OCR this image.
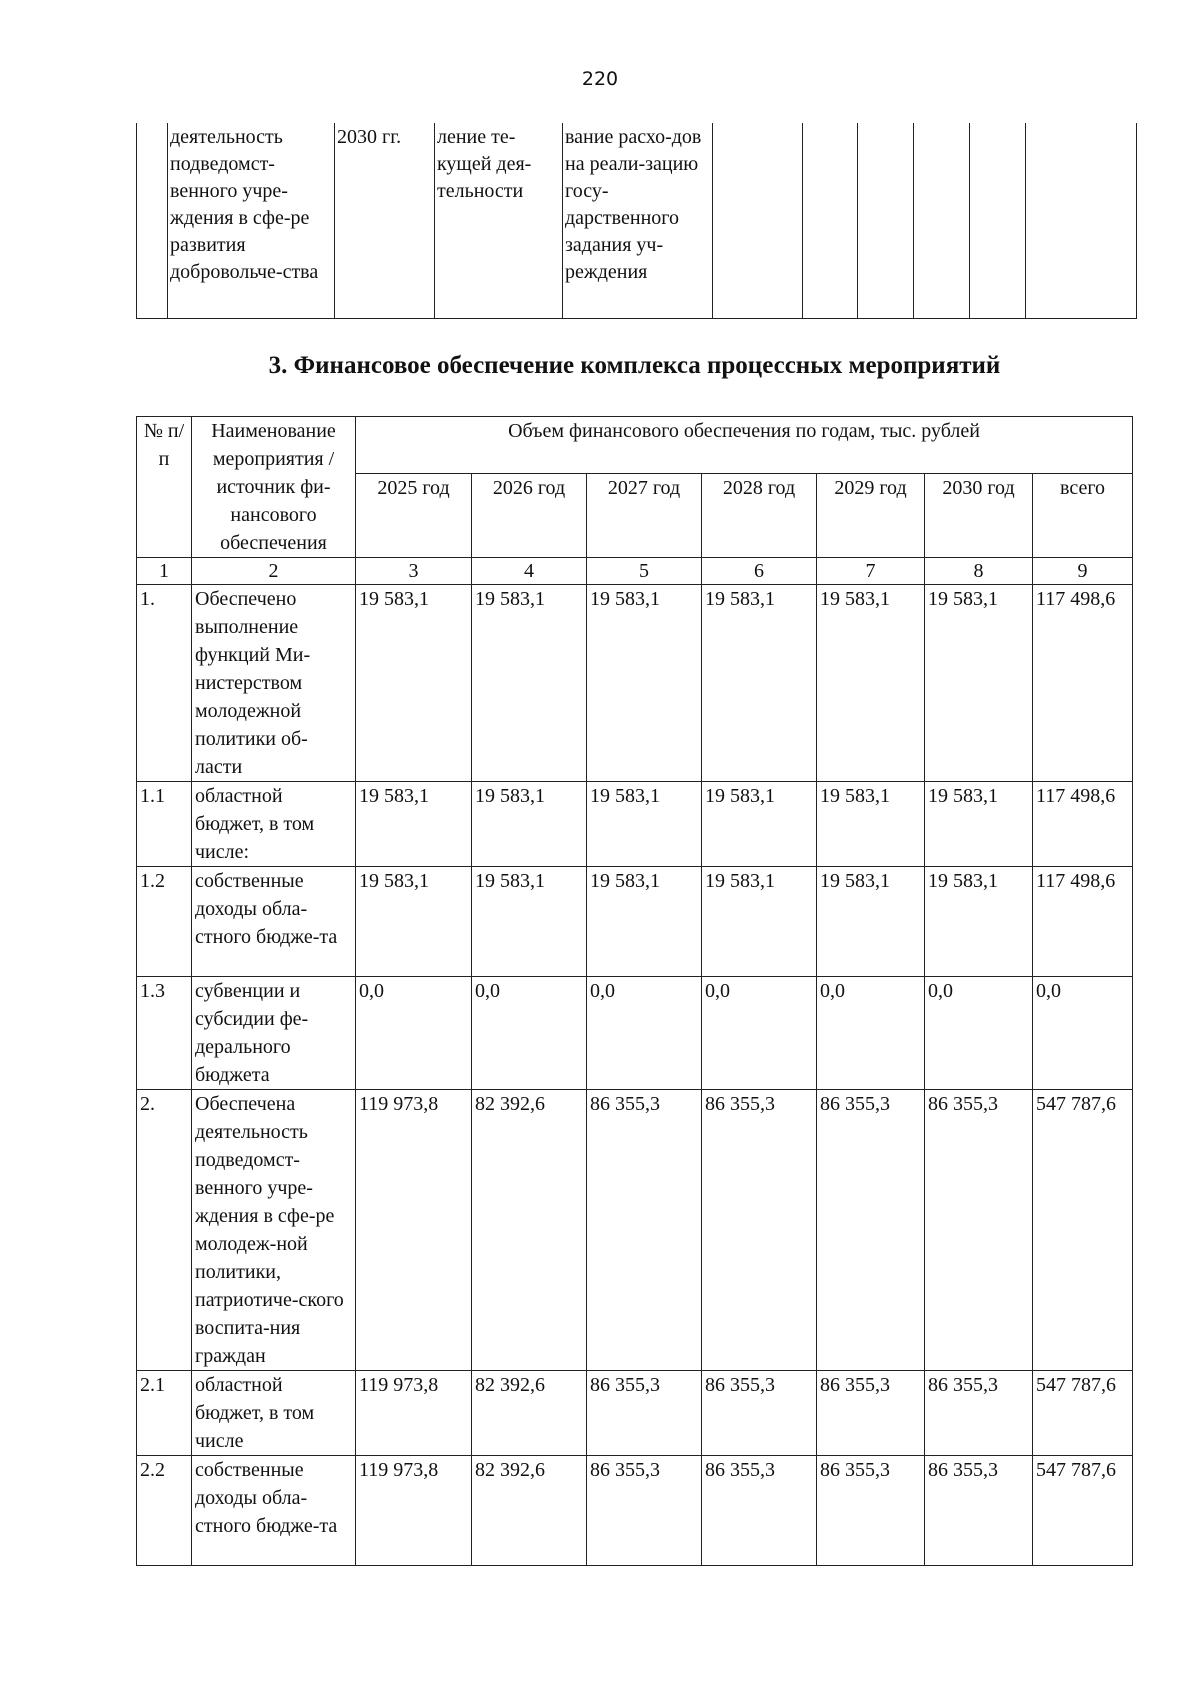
220
	деятельность подведомст-венного учре-ждения в сфе-ре развития добровольче-ства	2030 гг.	ление те-кущей дея-тельности	вание расхо-дов на реали-зацию госу-дарственного задания уч-реждения						
3. Финансовое обеспечение комплекса процессных мероприятий
№ п/п	Наименование мероприятия / источник фи-нансового обеспечения	Объем финансового обеспечения по годам, тыс. рублей						
		2025 год	2026 год	2027 год	2028 год	2029 год	2030 год	всего
1	2	3	4	5	6	7	8	9
1.	Обеспечено выполнение функций Ми-нистерством молодежной политики об-ласти	19 583,1	19 583,1	19 583,1	19 583,1	19 583,1	19 583,1	117 498,6
1.1	областной бюджет, в том числе:	19 583,1	19 583,1	19 583,1	19 583,1	19 583,1	19 583,1	117 498,6
1.2	собственные доходы обла-стного бюдже-та	19 583,1	19 583,1	19 583,1	19 583,1	19 583,1	19 583,1	117 498,6
1.3	субвенции и субсидии фе-дерального бюджета	0,0	0,0	0,0	0,0	0,0	0,0	0,0
2.	Обеспечена деятельность подведомст-венного учре-ждения в сфе-ре молодеж-ной политики, патриотиче-ского воспита-ния граждан	119 973,8	82 392,6	86 355,3	86 355,3	86 355,3	86 355,3	547 787,6
2.1	областной бюджет, в том числе	119 973,8	82 392,6	86 355,3	86 355,3	86 355,3	86 355,3	547 787,6
2.2	собственные доходы обла-стного бюдже-та	119 973,8	82 392,6	86 355,3	86 355,3	86 355,3	86 355,3	547 787,6
